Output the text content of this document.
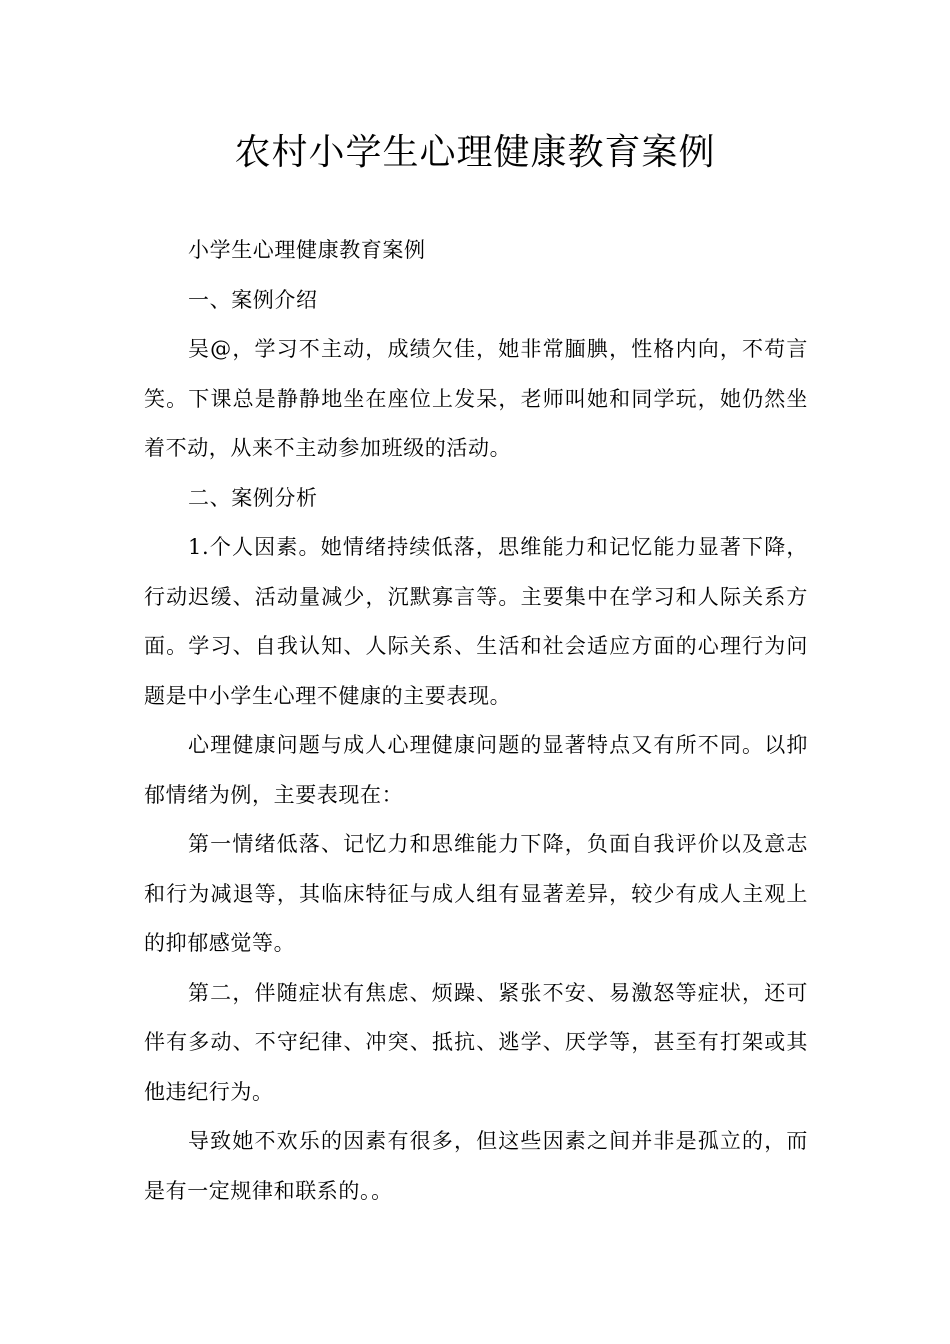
农村小学生心理健康教育案例

小学生心理健康教育案例

一、案例介绍

吴@，学习不主动，成绩欠佳，她非常腼腆，性格内向，不苟言笑。下课总是静静地坐在座位上发呆，老师叫她和同学玩，她仍然坐着不动，从来不主动参加班级的活动。

二、案例分析

1.个人因素。她情绪持续低落，思维能力和记忆能力显著下降，行动迟缓、活动量减少，沉默寡言等。主要集中在学习和人际关系方面。学习、自我认知、人际关系、生活和社会适应方面的心理行为问题是中小学生心理不健康的主要表现。

心理健康问题与成人心理健康问题的显著特点又有所不同。以抑郁情绪为例，主要表现在：

第一情绪低落、记忆力和思维能力下降，负面自我评价以及意志和行为减退等，其临床特征与成人组有显著差异，较少有成人主观上的抑郁感觉等。

第二，伴随症状有焦虑、烦躁、紧张不安、易激怒等症状，还可伴有多动、不守纪律、冲突、抵抗、逃学、厌学等，甚至有打架或其他违纪行为。

导致她不欢乐的因素有很多，但这些因素之间并非是孤立的，而是有一定规律和联系的。。
